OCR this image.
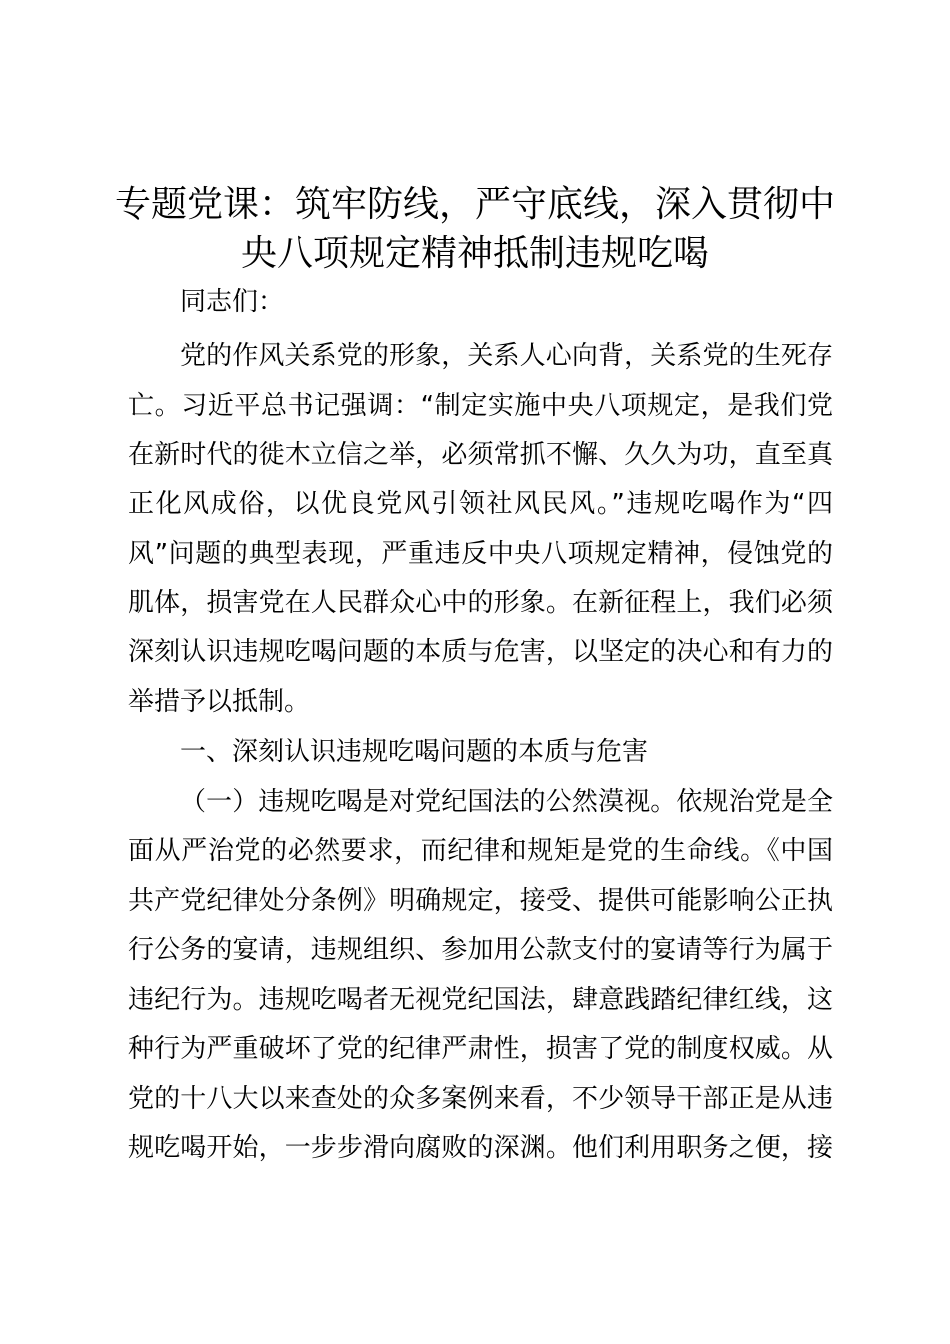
专题党课：筑牢防线，严守底线，深入贯彻中
央八项规定精神抵制违规吃喝

同志们：

党的作风关系党的形象，关系人心向背，关系党的生死存

亡。习近平总书记强调：“制定实施中央八项规定，是我们党

在新时代的徙木立信之举，必须常抓不懈、久久为功，直至真

正化风成俗，以优良党风引领社风民风。”违规吃喝作为“四

风”问题的典型表现，严重违反中央八项规定精神，侵蚀党的

肌体，损害党在人民群众心中的形象。在新征程上，我们必须

深刻认识违规吃喝问题的本质与危害，以坚定的决心和有力的

举措予以抵制。

一、深刻认识违规吃喝问题的本质与危害

（一）违规吃喝是对党纪国法的公然漠视。依规治党是全

面从严治党的必然要求，而纪律和规矩是党的生命线。《中国

共产党纪律处分条例》明确规定，接受、提供可能影响公正执

行公务的宴请，违规组织、参加用公款支付的宴请等行为属于

违纪行为。违规吃喝者无视党纪国法，肆意践踏纪律红线，这

种行为严重破坏了党的纪律严肃性，损害了党的制度权威。从

党的十八大以来查处的众多案例来看，不少领导干部正是从违

规吃喝开始，一步步滑向腐败的深渊。他们利用职务之便，接
